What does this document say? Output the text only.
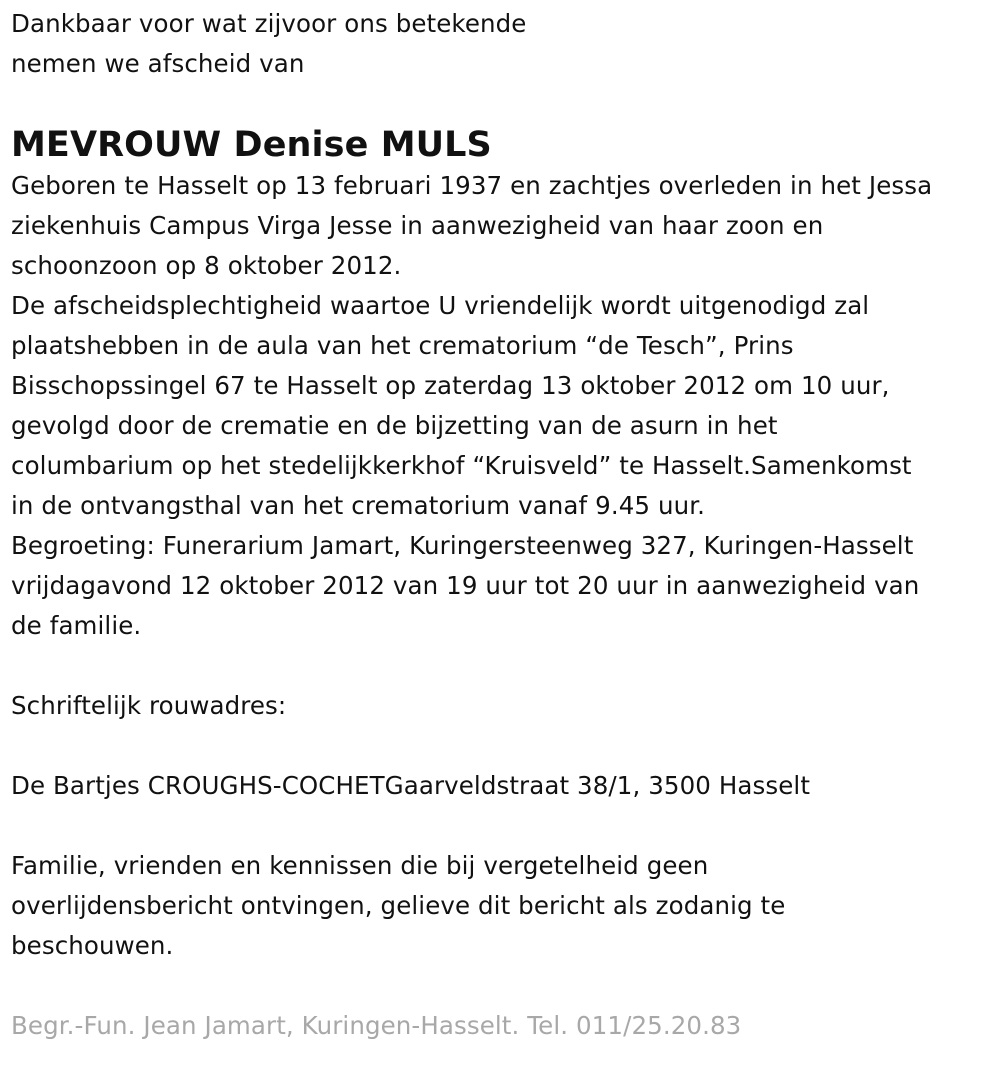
Dankbaar voor wat zijvoor ons betekende
nemen we afscheid van

MEVROUW Denise MULS

Geboren te Hasselt op 13 februari 1937 en zachtjes overleden in het Jessa
ziekenhuis Campus Virga Jesse in aanwezigheid van haar zoon en
schoonzoon op 8 oktober 2012.

De afscheidsplechtigheid waartoe U vriendelijk wordt uitgenodigd zal
plaatshebben in de aula van het crematorium “de Tesch”, Prins
Bisschopssingel 67 te Hasselt op zaterdag 13 oktober 2012 om 10 uur,
gevolgd door de crematie en de bijzetting van de asurn in het
columbarium op het stedelijkkerkhof “Kruisveld” te Hasselt.Samenkomst
in de ontvangsthal van het crematorium vanaf 9.45 uur.

Begroeting: Funerarium Jamart, Kuringersteenweg 327, Kuringen-Hasselt
vrijdagavond 12 oktober 2012 van 19 uur tot 20 uur in aanwezigheid van
de familie.

Schriftelijk rouwadres:

De Bartjes CROUGHS-COCHETGaarveldstraat 38/1, 3500 Hasselt

Familie, vrienden en kennissen die bij vergetelheid geen
overlijdensbericht ontvingen, gelieve dit bericht als zodanig te
beschouwen.

Begr.-Fun. Jean Jamart, Kuringen-Hasselt. Tel. 011/25.20.83
